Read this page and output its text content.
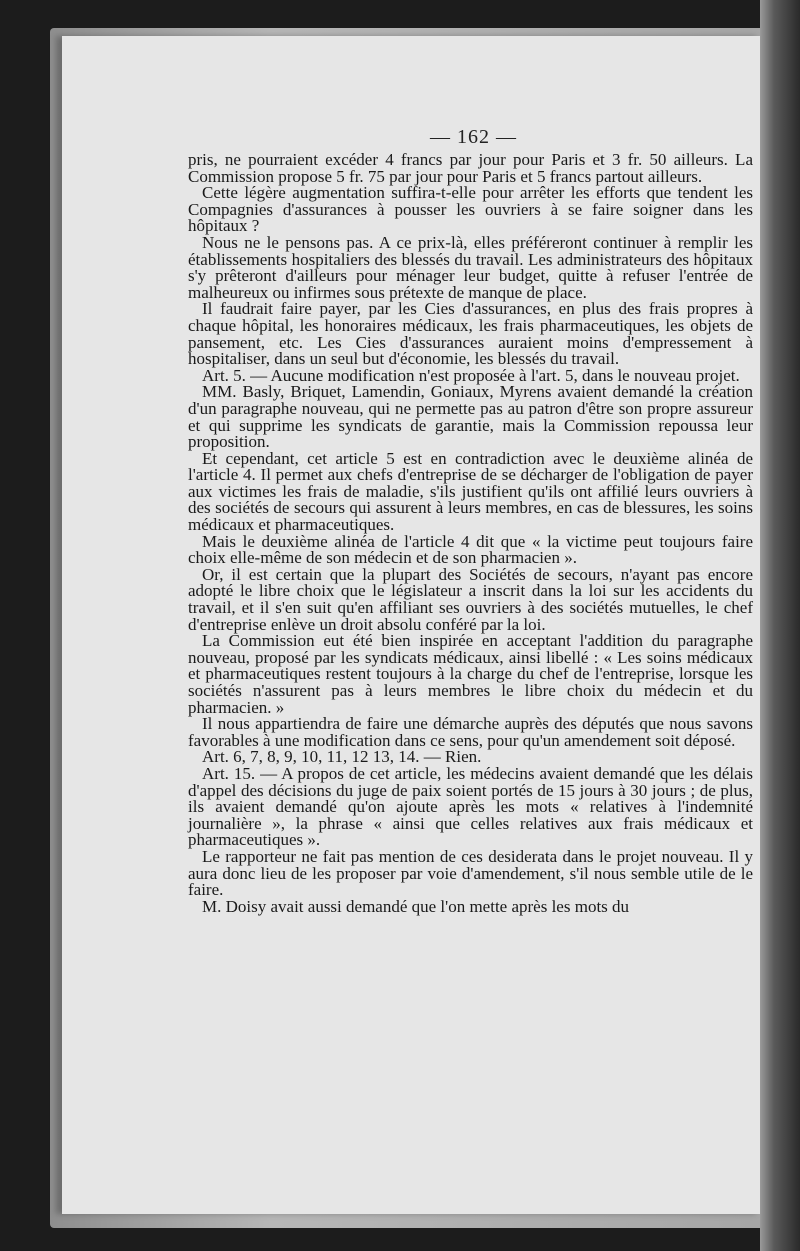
— 162 —

pris, ne pourraient excéder 4 francs par jour pour Paris et 3 fr. 50 ailleurs. La Commission propose 5 fr. 75 par jour pour Paris et 5 francs partout ailleurs.

Cette légère augmentation suffira-t-elle pour arrêter les efforts que tendent les Compagnies d'assurances à pousser les ouvriers à se faire soigner dans les hôpitaux ?

Nous ne le pensons pas. A ce prix-là, elles préféreront continuer à remplir les établissements hospitaliers des blessés du travail. Les administrateurs des hôpitaux s'y prêteront d'ailleurs pour ménager leur budget, quitte à refuser l'entrée de malheureux ou infirmes sous prétexte de manque de place.

Il faudrait faire payer, par les Cies d'assurances, en plus des frais propres à chaque hôpital, les honoraires médicaux, les frais pharmaceutiques, les objets de pansement, etc. Les Cies d'assurances auraient moins d'empressement à hospitaliser, dans un seul but d'économie, les blessés du travail.

Art. 5. — Aucune modification n'est proposée à l'art. 5, dans le nouveau projet.

MM. Basly, Briquet, Lamendin, Goniaux, Myrens avaient demandé la création d'un paragraphe nouveau, qui ne permette pas au patron d'être son propre assureur et qui supprime les syndicats de garantie, mais la Commission repoussa leur proposition.

Et cependant, cet article 5 est en contradiction avec le deuxième alinéa de l'article 4. Il permet aux chefs d'entreprise de se décharger de l'obligation de payer aux victimes les frais de maladie, s'ils justifient qu'ils ont affilié leurs ouvriers à des sociétés de secours qui assurent à leurs membres, en cas de blessures, les soins médicaux et pharmaceutiques.

Mais le deuxième alinéa de l'article 4 dit que « la victime peut toujours faire choix elle-même de son médecin et de son pharmacien ».

Or, il est certain que la plupart des Sociétés de secours, n'ayant pas encore adopté le libre choix que le législateur a inscrit dans la loi sur les accidents du travail, et il s'en suit qu'en affiliant ses ouvriers à des sociétés mutuelles, le chef d'entreprise enlève un droit absolu conféré par la loi.

La Commission eut été bien inspirée en acceptant l'addition du paragraphe nouveau, proposé par les syndicats médicaux, ainsi libellé : « Les soins médicaux et pharmaceutiques restent toujours à la charge du chef de l'entreprise, lorsque les sociétés n'assurent pas à leurs membres le libre choix du médecin et du pharmacien. »

Il nous appartiendra de faire une démarche auprès des députés que nous savons favorables à une modification dans ce sens, pour qu'un amendement soit déposé.

Art. 6, 7, 8, 9, 10, 11, 12 13, 14. — Rien.

Art. 15. — A propos de cet article, les médecins avaient demandé que les délais d'appel des décisions du juge de paix soient portés de 15 jours à 30 jours ; de plus, ils avaient demandé qu'on ajoute après les mots « relatives à l'indemnité journalière », la phrase « ainsi que celles relatives aux frais médicaux et pharmaceutiques ».

Le rapporteur ne fait pas mention de ces desiderata dans le projet nouveau. Il y aura donc lieu de les proposer par voie d'amendement, s'il nous semble utile de le faire.

M. Doisy avait aussi demandé que l'on mette après les mots du
